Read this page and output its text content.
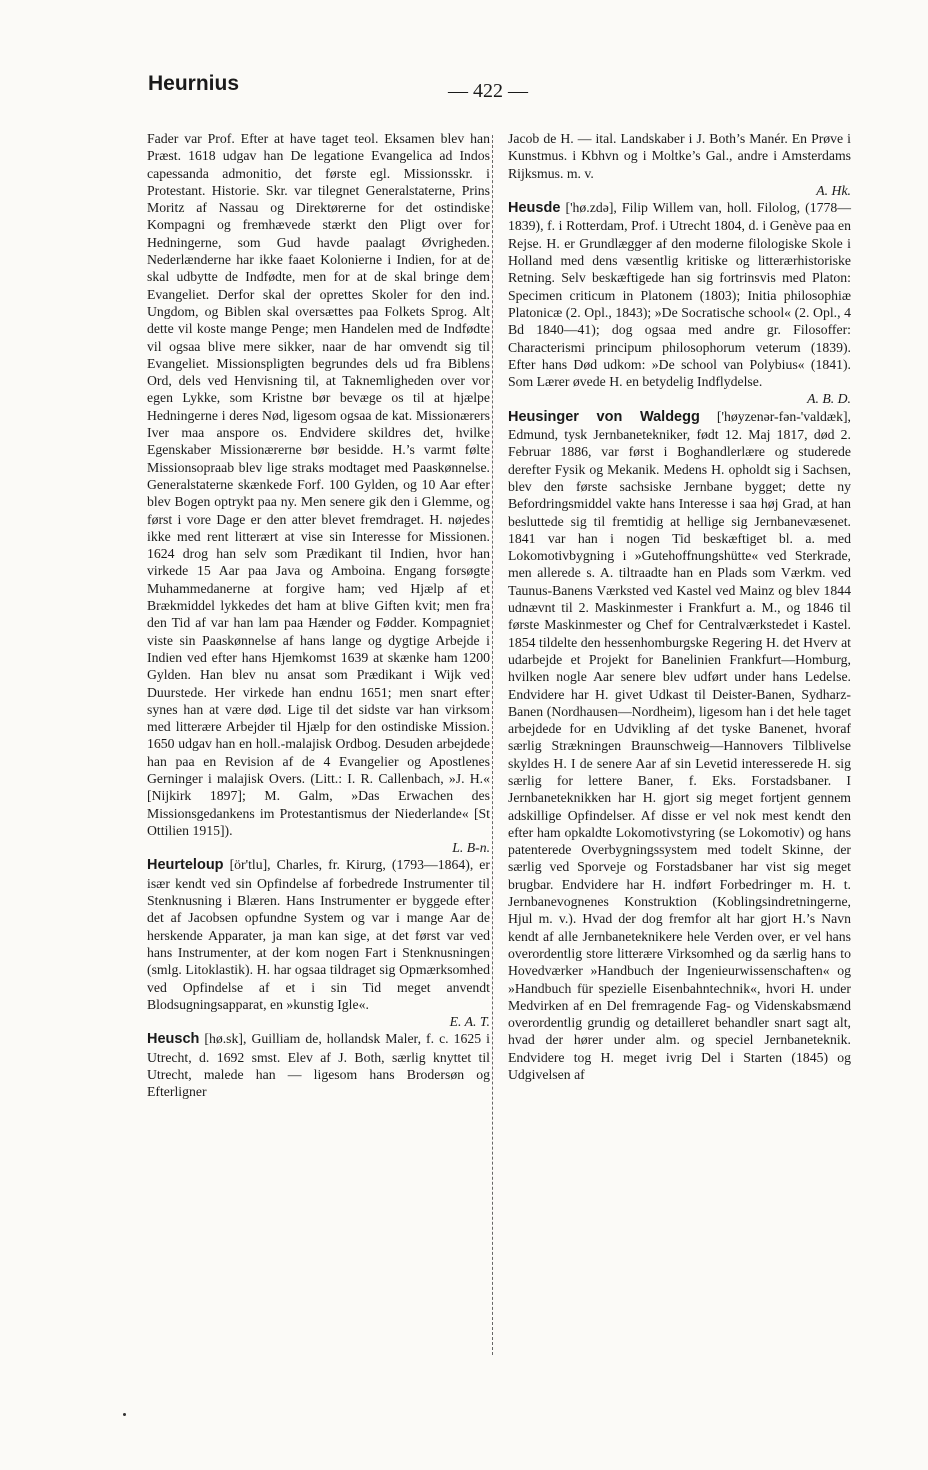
Heurnius	— 422 —

Fader var Prof. Efter at have taget teol. Eksamen blev han Præst. 1618 udgav han De legatione Evangelica ad Indos capessanda admonitio, det første egl. Missionsskr. i Protestant. Historie. Skr. var tilegnet Generalstaterne, Prins Moritz af Nassau og Direktørerne for det ostindiske Kompagni og fremhævede stærkt den Pligt over for Hedningerne, som Gud havde paalagt Øvrigheden. Nederlænderne har ikke faaet Kolonierne i Indien, for at de skal udbytte de Indfødte, men for at de skal bringe dem Evangeliet. Derfor skal der oprettes Skoler for den ind. Ungdom, og Biblen skal oversættes paa Folkets Sprog. Alt dette vil koste mange Penge; men Handelen med de Indfødte vil ogsaa blive mere sikker, naar de har omvendt sig til Evangeliet. Missionspligten begrundes dels ud fra Biblens Ord, dels ved Henvisning til, at Taknemligheden over vor egen Lykke, som Kristne bør bevæge os til at hjælpe Hedningerne i deres Nød, ligesom ogsaa de kat. Missionærers Iver maa anspore os. Endvidere skildres det, hvilke Egenskaber Missionærerne bør besidde. H.’s varmt følte Missionsopraab blev lige straks modtaget med Paaskønnelse. Generalstaterne skænkede Forf. 100 Gylden, og 10 Aar efter blev Bogen optrykt paa ny. Men senere gik den i Glemme, og først i vore Dage er den atter blevet fremdraget. H. nøjedes ikke med rent litterært at vise sin Interesse for Missionen. 1624 drog han selv som Prædikant til Indien, hvor han virkede 15 Aar paa Java og Amboina. Engang forsøgte Muhammedanerne at forgive ham; ved Hjælp af et Brækmiddel lykkedes det ham at blive Giften kvit; men fra den Tid af var han lam paa Hænder og Fødder. Kompagniet viste sin Paaskønnelse af hans lange og dygtige Arbejde i Indien ved efter hans Hjemkomst 1639 at skænke ham 1200 Gylden. Han blev nu ansat som Prædikant i Wijk ved Duurstede. Her virkede han endnu 1651; men snart efter synes han at være død. Lige til det sidste var han virksom med litterære Arbejder til Hjælp for den ostindiske Mission. 1650 udgav han en holl.-malajisk Ordbog. Desuden arbejdede han paa en Revision af de 4 Evangelier og Apostlenes Gerninger i malajisk Overs. (Litt.: I. R. Callenbach, »J. H.« [Nijkirk 1897]; M. Galm, »Das Erwachen des Missionsgedankens im Protestantismus der Niederlande« [St Ottilien 1915]).

L. B-n.

Heurteloup [ör'tlu], Charles, fr. Kirurg, (1793—1864), er især kendt ved sin Opfindelse af forbedrede Instrumenter til Stenknusning i Blæren. Hans Instrumenter er byggede efter det af Jacobsen opfundne System og var i mange Aar de herskende Apparater, ja man kan sige, at det først var ved hans Instrumenter, at der kom nogen Fart i Stenknusningen (smlg. Litoklastik). H. har ogsaa tildraget sig Opmærksomhed ved Opfindelse af et i sin Tid meget anvendt Blodsugningsapparat, en »kunstig Igle«.

E. A. T.

Heusch [hø.sk], Guilliam de, hollandsk Maler, f. c. 1625 i Utrecht, d. 1692 smst. Elev af J. Both, særlig knyttet til Utrecht, malede han — ligesom hans Brodersøn og Efterligner

Jacob de H. — ital. Landskaber i J. Both’s Manér. En Prøve i Kunstmus. i Kbhvn og i Moltke’s Gal., andre i Amsterdams Rijksmus. m. v.

A. Hk.

Heusde ['hø.zdə], Filip Willem van, holl. Filolog, (1778—1839), f. i Rotterdam, Prof. i Utrecht 1804, d. i Genève paa en Rejse. H. er Grundlægger af den moderne filologiske Skole i Holland med dens væsentlig kritiske og litterærhistoriske Retning. Selv beskæftigede han sig fortrinsvis med Platon: Specimen criticum in Platonem (1803); Initia philosophiæ Platonicæ (2. Opl., 1843); »De Socratische school« (2. Opl., 4 Bd 1840—41); dog ogsaa med andre gr. Filosoffer: Characterismi principum philosophorum veterum (1839). Efter hans Død udkom: »De school van Polybius« (1841). Som Lærer øvede H. en betydelig Indflydelse.

A. B. D.

Heusinger von Waldegg ['høyzenər-fən-'valdæk], Edmund, tysk Jernbanetekniker, født 12. Maj 1817, død 2. Februar 1886, var først i Boghandlerlære og studerede derefter Fysik og Mekanik. Medens H. opholdt sig i Sachsen, blev den første sachsiske Jernbane bygget; dette ny Befordringsmiddel vakte hans Interesse i saa høj Grad, at han besluttede sig til fremtidig at hellige sig Jernbanevæsenet. 1841 var han i nogen Tid beskæftiget bl. a. med Lokomotivbygning i »Gutehoffnungshütte« ved Sterkrade, men allerede s. A. tiltraadte han en Plads som Værkm. ved Taunus-Banens Værksted ved Kastel ved Mainz og blev 1844 udnævnt til 2. Maskinmester i Frankfurt a. M., og 1846 til første Maskinmester og Chef for Centralværkstedet i Kastel. 1854 tildelte den hessenhomburgske Regering H. det Hverv at udarbejde et Projekt for Banelinien Frankfurt—Homburg, hvilken nogle Aar senere blev udført under hans Ledelse. Endvidere har H. givet Udkast til Deister-Banen, Sydharz-Banen (Nordhausen—Nordheim), ligesom han i det hele taget arbejdede for en Udvikling af det tyske Banenet, hvoraf særlig Strækningen Braunschweig—Hannovers Tilblivelse skyldes H. I de senere Aar af sin Levetid interesserede H. sig særlig for lettere Baner, f. Eks. Forstadsbaner. I Jernbaneteknikken har H. gjort sig meget fortjent gennem adskillige Opfindelser. Af disse er vel nok mest kendt den efter ham opkaldte Lokomotivstyring (se Lokomotiv) og hans patenterede Overbygningssystem med todelt Skinne, der særlig ved Sporveje og Forstadsbaner har vist sig meget brugbar. Endvidere har H. indført Forbedringer m. H. t. Jernbanevognenes Konstruktion (Koblingsindretningerne, Hjul m. v.). Hvad der dog fremfor alt har gjort H.’s Navn kendt af alle Jernbaneteknikere hele Verden over, er vel hans overordentlig store litterære Virksomhed og da særlig hans to Hovedværker »Handbuch der Ingenieurwissenschaften« og »Handbuch für spezielle Eisenbahntechnik«, hvori H. under Medvirken af en Del fremragende Fag- og Videnskabsmænd overordentlig grundig og detailleret behandler snart sagt alt, hvad der hører under alm. og speciel Jernbaneteknik. Endvidere tog H. meget ivrig Del i Starten (1845) og Udgivelsen af
